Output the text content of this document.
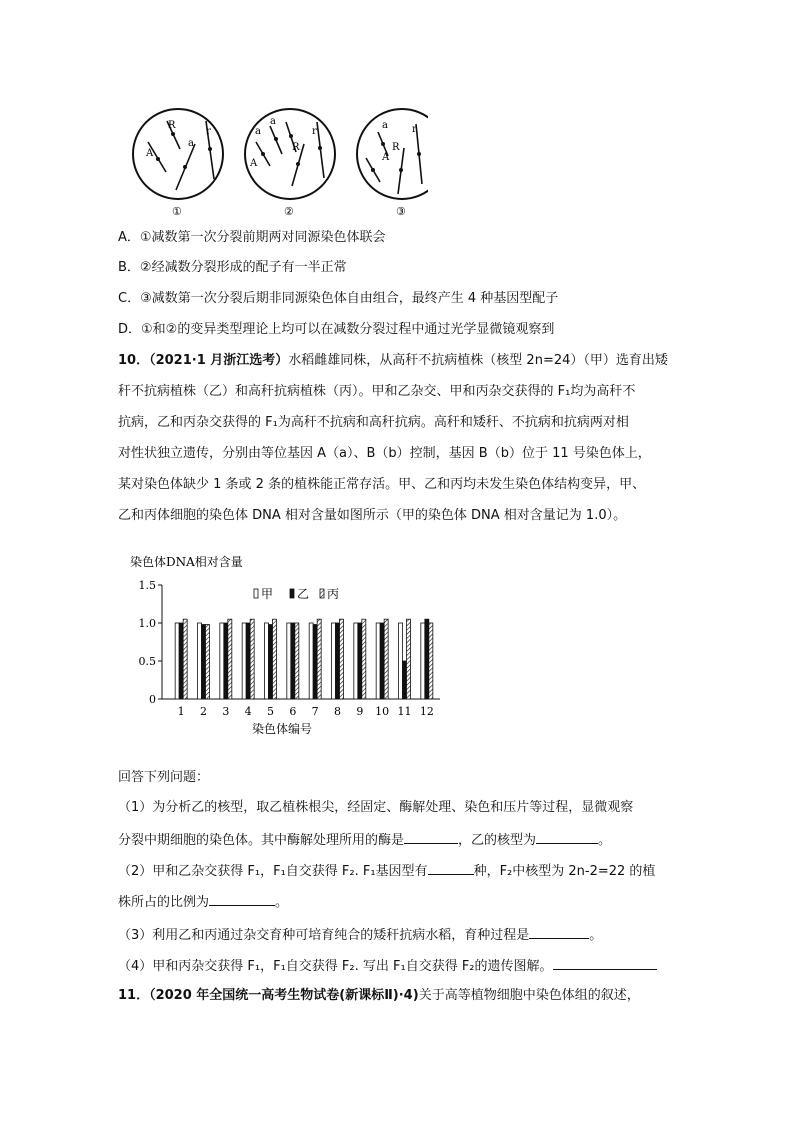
R
A
a
r
①
a
a
A
R
r
②
a
A
R
r
③
A．①减数第一次分裂前期两对同源染色体联会
B．②经减数分裂形成的配子有一半正常
C．③减数第一次分裂后期非同源染色体自由组合，最终产生 4 种基因型配子
D．①和②的变异类型理论上均可以在减数分裂过程中通过光学显微镜观察到
10．（2021·1 月浙江选考）水稻雌雄同株，从高秆不抗病植株（核型 2n=24）（甲）选育出矮
秆不抗病植株（乙）和高秆抗病植株（丙）。甲和乙杂交、甲和丙杂交获得的 F₁均为高秆不
抗病，乙和丙杂交获得的 F₁为高秆不抗病和高秆抗病。高秆和矮秆、不抗病和抗病两对相
对性状独立遗传，分别由等位基因 A（a）、B（b）控制，基因 B（b）位于 11 号染色体上，
某对染色体缺少 1 条或 2 条的植株能正常存活。甲、乙和丙均未发生染色体结构变异，甲、
乙和丙体细胞的染色体 DNA 相对含量如图所示（甲的染色体 DNA 相对含量记为 1.0）。
染色体DNA相对含量
0
0.5
1.0
1.5
甲 乙 丙
1 2 3 4 5 6 7 8 9 10 11 12
染色体编号
回答下列问题：
（1）为分析乙的核型，取乙植株根尖，经固定、酶解处理、染色和压片等过程，显微观察
分裂中期细胞的染色体。其中酶解处理所用的酶是	，乙的核型为	。
（2）甲和乙杂交获得 F₁，F₁自交获得 F₂. F₁基因型有	种，F₂中核型为 2n-2=22 的植
株所占的比例为	。
（3）利用乙和丙通过杂交育种可培育纯合的矮秆抗病水稻，育种过程是	。
（4）甲和丙杂交获得 F₁，F₁自交获得 F₂. 写出 F₁自交获得 F₂的遗传图解。
11．（2020 年全国统一高考生物试卷(新课标Ⅱ)·4)关于高等植物细胞中染色体组的叙述，
